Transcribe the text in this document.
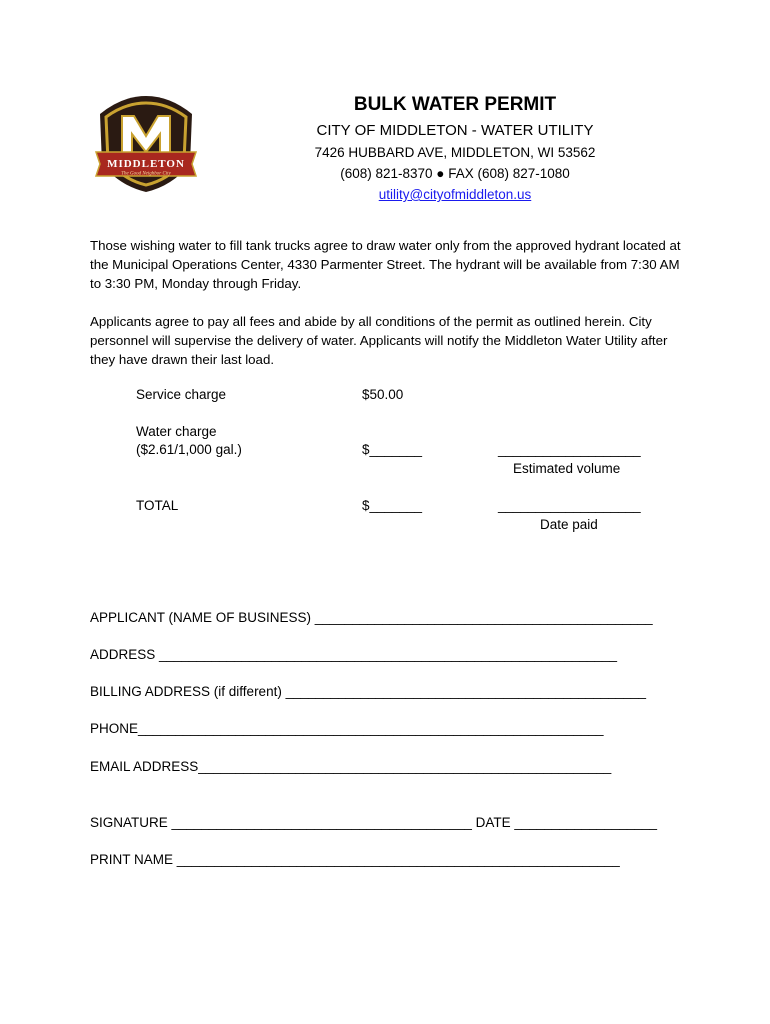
MIDDLETON
The Good Neighbor City
BULK WATER PERMIT
CITY OF MIDDLETON - WATER UTILITY
7426 HUBBARD AVE, MIDDLETON, WI 53562
(608) 821-8370 ● FAX (608) 827-1080
utility@cityofmiddleton.us
Those wishing water to fill tank trucks agree to draw water only from the approved hydrant located at the Municipal Operations Center, 4330 Parmenter Street. The hydrant will be available from 7:30 AM to 3:30 PM, Monday through Friday.
Applicants agree to pay all fees and abide by all conditions of the permit as outlined herein. City personnel will supervise the delivery of water. Applicants will notify the Middleton Water Utility after they have drawn their last load.
Service charge	$50.00
Water charge
($2.61/1,000 gal.)	$_______	___________________
Estimated volume
TOTAL	$_______	___________________
Date paid
APPLICANT (NAME OF BUSINESS) _____________________________________________
ADDRESS _____________________________________________________________
BILLING ADDRESS (if different) ________________________________________________
PHONE______________________________________________________________
EMAIL ADDRESS_______________________________________________________
SIGNATURE ________________________________________ DATE ___________________
PRINT NAME ___________________________________________________________
